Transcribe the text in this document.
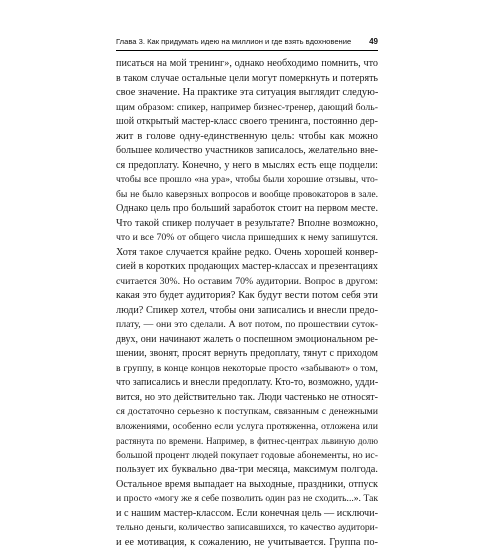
Глава 3. Как придумать идею на миллион и где взять вдохновение 49
писаться на мой тренинг», однако необходимо помнить, что
в таком случае остальные цели могут померкнуть и потерять
свое значение. На практике эта ситуация выглядит следую-
щим образом: спикер, например бизнес-тренер, дающий боль-
шой открытый мастер-класс своего тренинга, постоянно дер-
жит в голове одну-единственную цель: чтобы как можно
большее количество участников записалось, желательно вне-
ся предоплату. Конечно, у него в мыслях есть еще подцели:
чтобы все прошло «на ура», чтобы были хорошие отзывы, что-
бы не было каверзных вопросов и вообще провокаторов в зале.
Однако цель про больший заработок стоит на первом месте.
Что такой спикер получает в результате? Вполне возможно,
что и все 70% от общего числа пришедших к нему запишутся.
Хотя такое случается крайне редко. Очень хорошей конвер-
сией в коротких продающих мастер-классах и презентациях
считается 30%. Но оставим 70% аудитории. Вопрос в другом:
какая это будет аудитория? Как будут вести потом себя эти
люди? Спикер хотел, чтобы они записались и внесли предо-
плату, — они это сделали. А вот потом, по прошествии суток-
двух, они начинают жалеть о поспешном эмоциональном ре-
шении, звонят, просят вернуть предоплату, тянут с приходом
в группу, в конце концов некоторые просто «забывают» о том,
что записались и внесли предоплату. Кто-то, возможно, удди-
вится, но это действительно так. Люди частенько не относят-
ся достаточно серьезно к поступкам, связанным с денежными
вложениями, особенно если услуга протяженна, отложена или
растянута по времени. Например, в фитнес-центрах львиную долю
большой процент людей покупает годовые абонементы, но ис-
пользует их буквально два-три месяца, максимум полгода.
Остальное время выпадает на выходные, праздники, отпуск
и просто «могу же я себе позволить один раз не сходить...». Так
и с нашим мастер-классом. Если конечная цель — исключи-
тельно деньги, количество записавшихся, то качество аудитори-
и ее мотивация, к сожалению, не учитывается. Группа по-
